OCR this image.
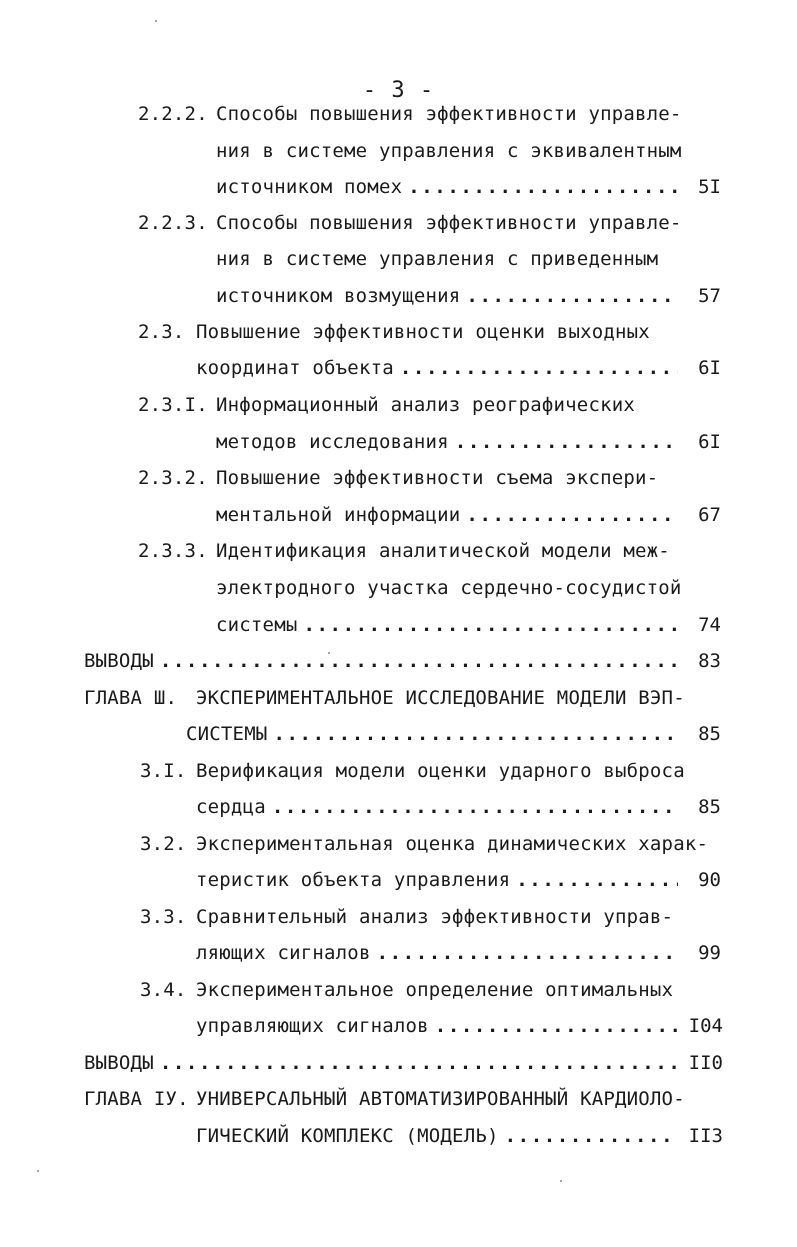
- 3 -
2.2.2. Способы повышения эффективности управле-
ния в системе управления с эквивалентным
источником помех .....	5I
2.2.3. Способы повышения эффективности управле-
ния в системе управления с приведенным
источником возмущения .....	57
2.3. Повышение эффективности оценки выходных
координат объекта .....	6I
2.3.I. Информационный анализ реографических
методов исследования .....	6I
2.3.2. Повышение эффективности съема экспери-
ментальной информации .....	67
2.3.3. Идентификация аналитической модели меж-
электродного участка сердечно-сосудистой
системы .....	74
ВЫВОДЫ .....	83
ГЛАВА Ш. ЭКСПЕРИМЕНТАЛЬНОЕ ИССЛЕДОВАНИЕ МОДЕЛИ ВЭП-
СИСТЕМЫ .....	85
3.I. Верификация модели оценки ударного выброса
сердца .....	85
3.2. Экспериментальная оценка динамических харак-
теристик объекта управления .....	90
3.3. Сравнительный анализ эффективности управ-
ляющих сигналов .....	99
3.4. Экспериментальное определение оптимальных
управляющих сигналов .....	I04
ВЫВОДЫ .....	II0
ГЛАВА IУ. УНИВЕРСАЛЬНЫЙ АВТОМАТИЗИРОВАННЫЙ КАРДИОЛО-
ГИЧЕСКИЙ КОМПЛЕКС (МОДЕЛЬ) .....	II3
